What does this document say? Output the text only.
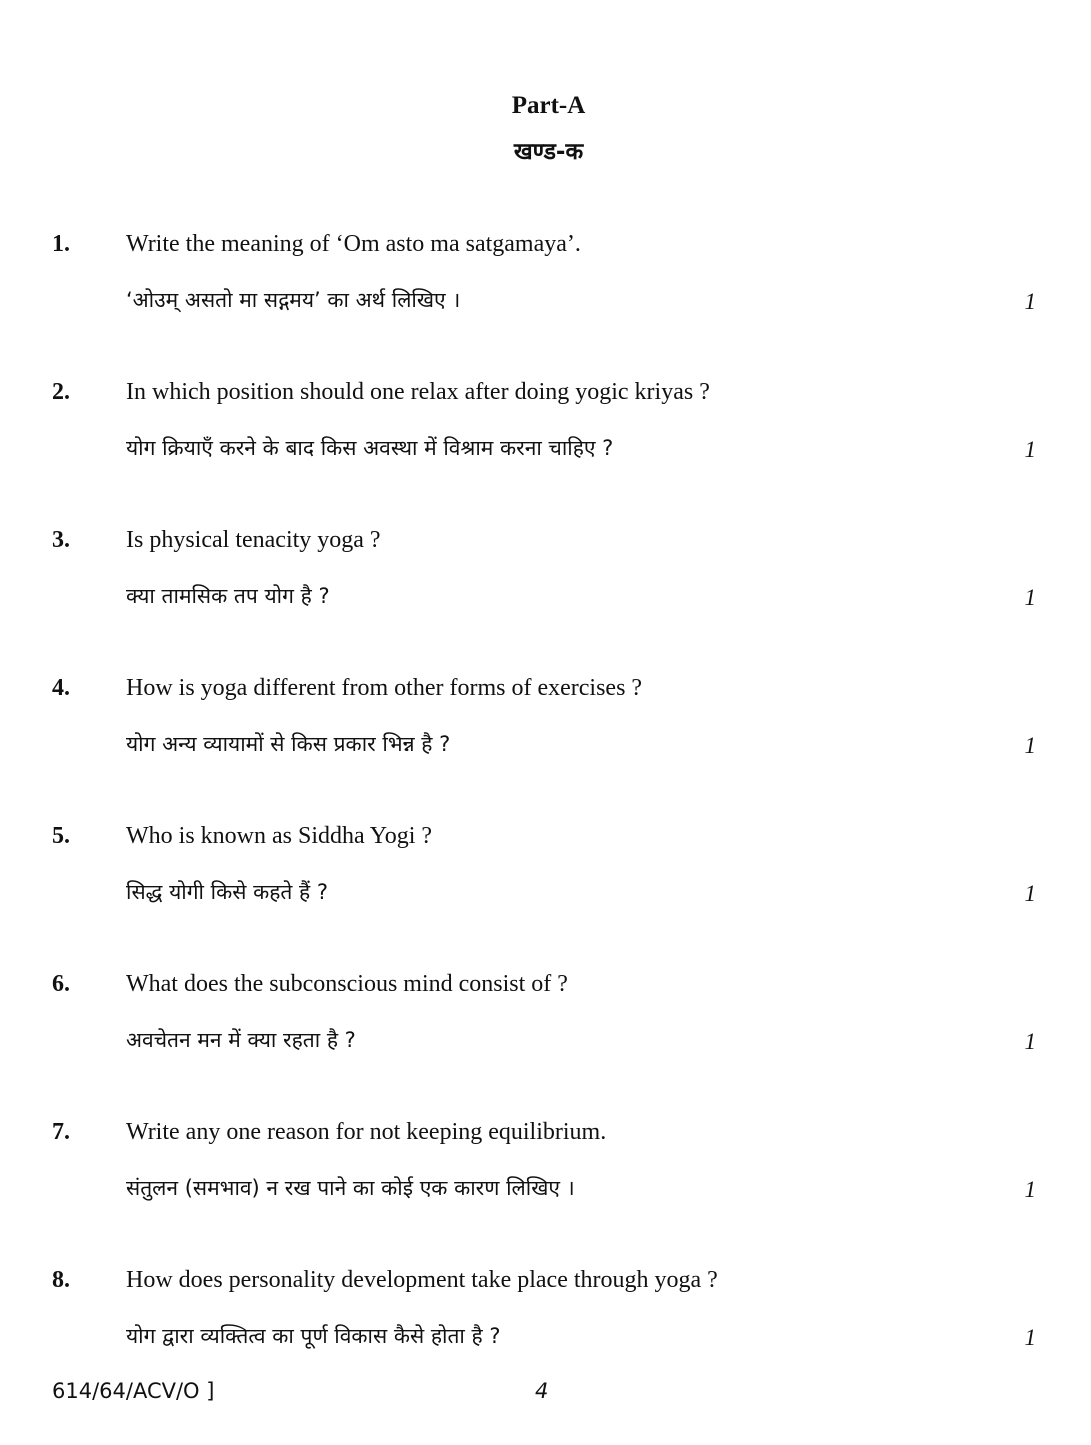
Part-A
खण्ड-क
1. Write the meaning of ‘Om asto ma satgamaya’.
‘ओउम् असतो मा सद्गमय’ का अर्थ लिखिए ।	1
2. In which position should one relax after doing yogic kriyas ?
योग क्रियाएँ करने के बाद किस अवस्था में विश्राम करना चाहिए ?	1
3. Is physical tenacity yoga ?
क्या तामसिक तप योग है ?	1
4. How is yoga different from other forms of exercises ?
योग अन्य व्यायामों से किस प्रकार भिन्न है ?	1
5. Who is known as Siddha Yogi ?
सिद्ध योगी किसे कहते हैं ?	1
6. What does the subconscious mind consist of ?
अवचेतन मन में क्या रहता है ?	1
7. Write any one reason for not keeping equilibrium.
संतुलन (समभाव) न रख पाने का कोई एक कारण लिखिए ।	1
8. How does personality development take place through yoga ?
योग द्वारा व्यक्तित्व का पूर्ण विकास कैसे होता है ?	1
614/64/ACV/O ]	4
